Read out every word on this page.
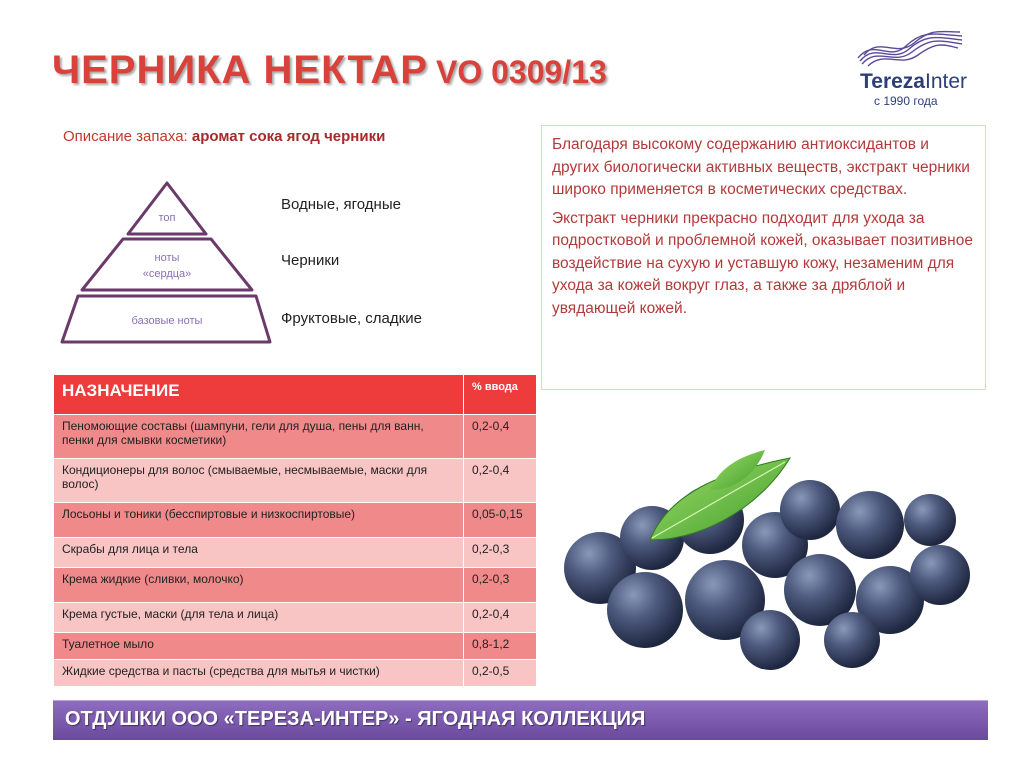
ЧЕРНИКА НЕКТАР VO 0309/13	TerezaInter
с 1990 года
Описание запаха: аромат сока ягод черники
топ
ноты
«сердца»
базовые ноты
Водные, ягодные
Черники
Фруктовые, сладкие

Благодаря высокому содержанию антиоксидантов и других биологически активных веществ, экстракт черники широко применяется в косметических средствах.

Экстракт черники прекрасно подходит для ухода за подростковой и проблемной кожей, оказывает позитивное воздействие на сухую и уставшую кожу, незаменим для ухода за кожей вокруг глаз, а также за дряблой и увядающей кожей.

НАЗНАЧЕНИЕ	% ввода
Пеномоющие составы (шампуни, гели для душа, пены для ванн, пенки для смывки косметики)	0,2-0,4
Кондиционеры для волос (смываемые, несмываемые, маски для волос)	0,2-0,4
Лосьоны и тоники (бесспиртовые и низкоспиртовые)	0,05-0,15
Скрабы для лица и тела	0,2-0,3
Крема жидкие (сливки, молочко)	0,2-0,3
Крема густые, маски (для тела и лица)	0,2-0,4
Туалетное мыло	0,8-1,2
Жидкие средства и пасты (средства для мытья и чистки)	0,2-0,5
ОТДУШКИ ООО «ТЕРЕЗА-ИНТЕР» - ЯГОДНАЯ КОЛЛЕКЦИЯ
